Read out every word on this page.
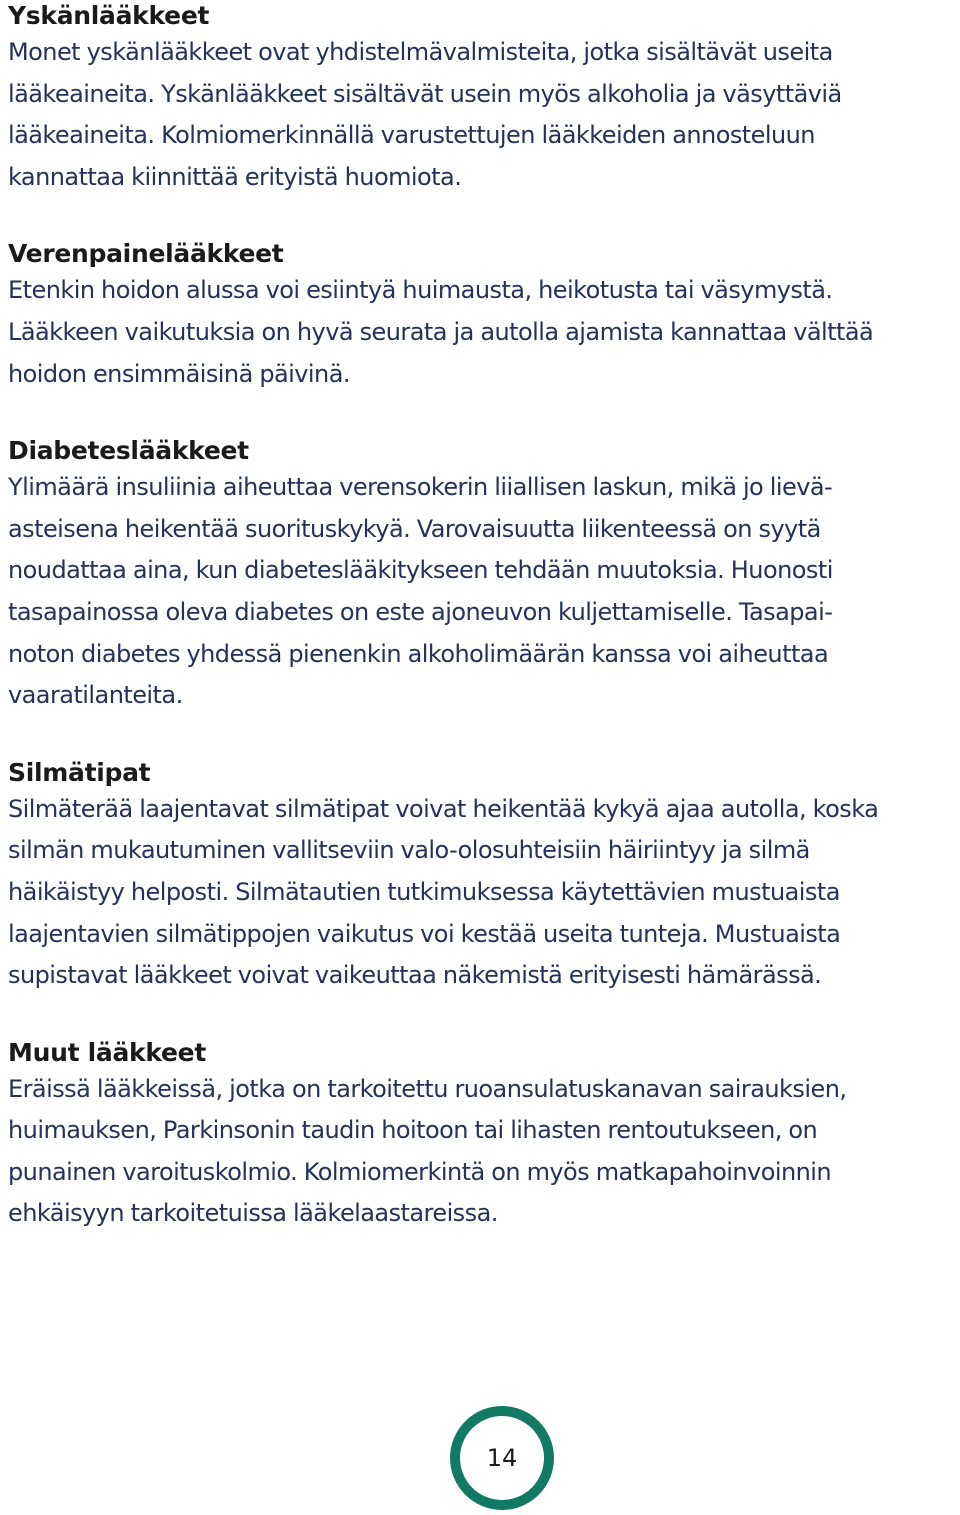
Yskänlääkkeet

Monet yskänlääkkeet ovat yhdistelmävalmisteita, jotka sisältävät useita
lääkeaineita. Yskänlääkkeet sisältävät usein myös alkoholia ja väsyttäviä
lääkeaineita. Kolmiomerkinnällä varustettujen lääkkeiden annosteluun
kannattaa kiinnittää erityistä huomiota.

Verenpainelääkkeet

Etenkin hoidon alussa voi esiintyä huimausta, heikotusta tai väsymystä.
Lääkkeen vaikutuksia on hyvä seurata ja autolla ajamista kannattaa välttää
hoidon ensimmäisinä päivinä.

Diabeteslääkkeet

Ylimäärä insuliinia aiheuttaa verensokerin liiallisen laskun, mikä jo lievä-
asteisena heikentää suorituskykyä. Varovaisuutta liikenteessä on syytä
noudattaa aina, kun diabeteslääkitykseen tehdään muutoksia. Huonosti
tasapainossa oleva diabetes on este ajoneuvon kuljettamiselle. Tasapai-
noton diabetes yhdessä pienenkin alkoholimäärän kanssa voi aiheuttaa
vaaratilanteita.

Silmätipat

Silmäterää laajentavat silmätipat voivat heikentää kykyä ajaa autolla, koska
silmän mukautuminen vallitseviin valo-olosuhteisiin häiriintyy ja silmä
häikäistyy helposti. Silmätautien tutkimuksessa käytettävien mustuaista
laajentavien silmätippojen vaikutus voi kestää useita tunteja. Mustuaista
supistavat lääkkeet voivat vaikeuttaa näkemistä erityisesti hämärässä.

Muut lääkkeet

Eräissä lääkkeissä, jotka on tarkoitettu ruoansulatuskanavan sairauksien,
huimauksen, Parkinsonin taudin hoitoon tai lihasten rentoutukseen, on
punainen varoituskolmio. Kolmiomerkintä on myös matkapahoinvoinnin
ehkäisyyn tarkoitetuissa lääkelaastareissa.

14
